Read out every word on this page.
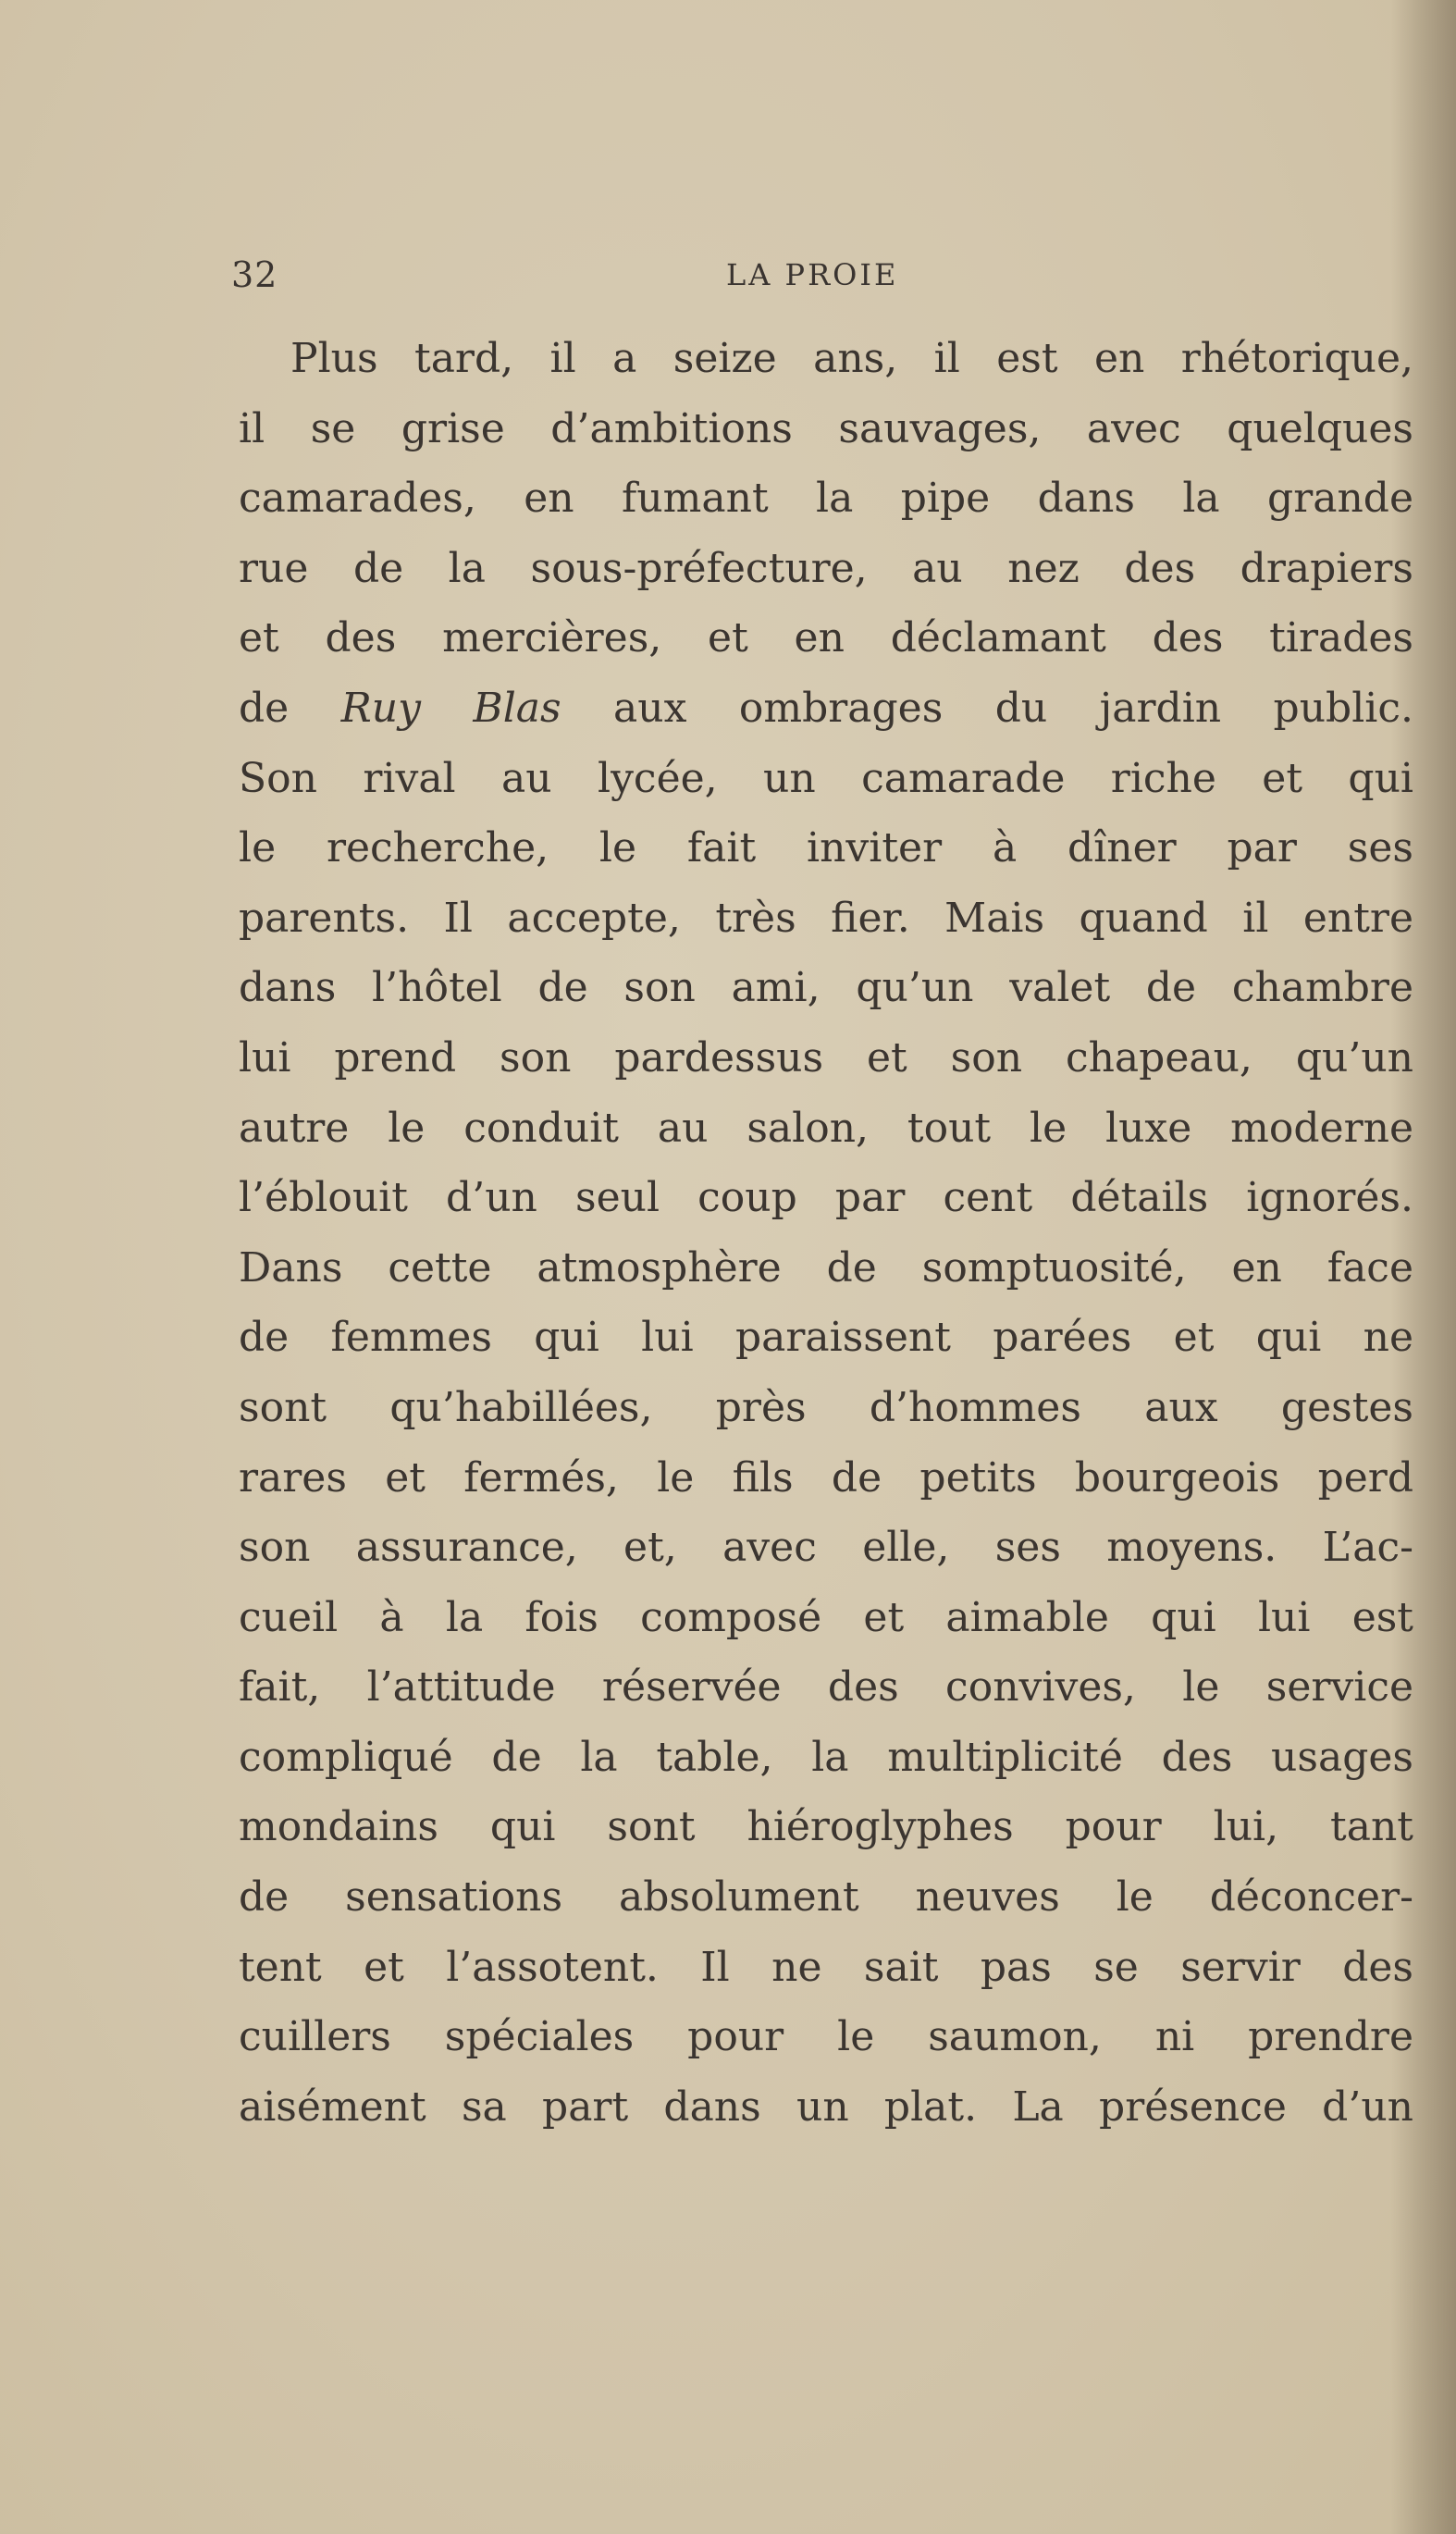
32	LA PROIE
Plus tard, il a seize ans, il est en rhétorique,
il se grise d’ambitions sauvages, avec quelques
camarades, en fumant la pipe dans la grande
rue de la sous-préfecture, au nez des drapiers
et des mercières, et en déclamant des tirades
de Ruy Blas aux ombrages du jardin public.
Son rival au lycée, un camarade riche et qui
le recherche, le fait inviter à dîner par ses
parents. Il accepte, très fier. Mais quand il entre
dans l’hôtel de son ami, qu’un valet de chambre
lui prend son pardessus et son chapeau, qu’un
autre le conduit au salon, tout le luxe moderne
l’éblouit d’un seul coup par cent détails ignorés.
Dans cette atmosphère de somptuosité, en face
de femmes qui lui paraissent parées et qui ne
sont qu’habillées, près d’hommes aux gestes
rares et fermés, le fils de petits bourgeois perd
son assurance, et, avec elle, ses moyens. L’ac-
cueil à la fois composé et aimable qui lui est
fait, l’attitude réservée des convives, le service
compliqué de la table, la multiplicité des usages
mondains qui sont hiéroglyphes pour lui, tant
de sensations absolument neuves le déconcer-
tent et l’assotent. Il ne sait pas se servir des
cuillers spéciales pour le saumon, ni prendre
aisément sa part dans un plat. La présence d’un
